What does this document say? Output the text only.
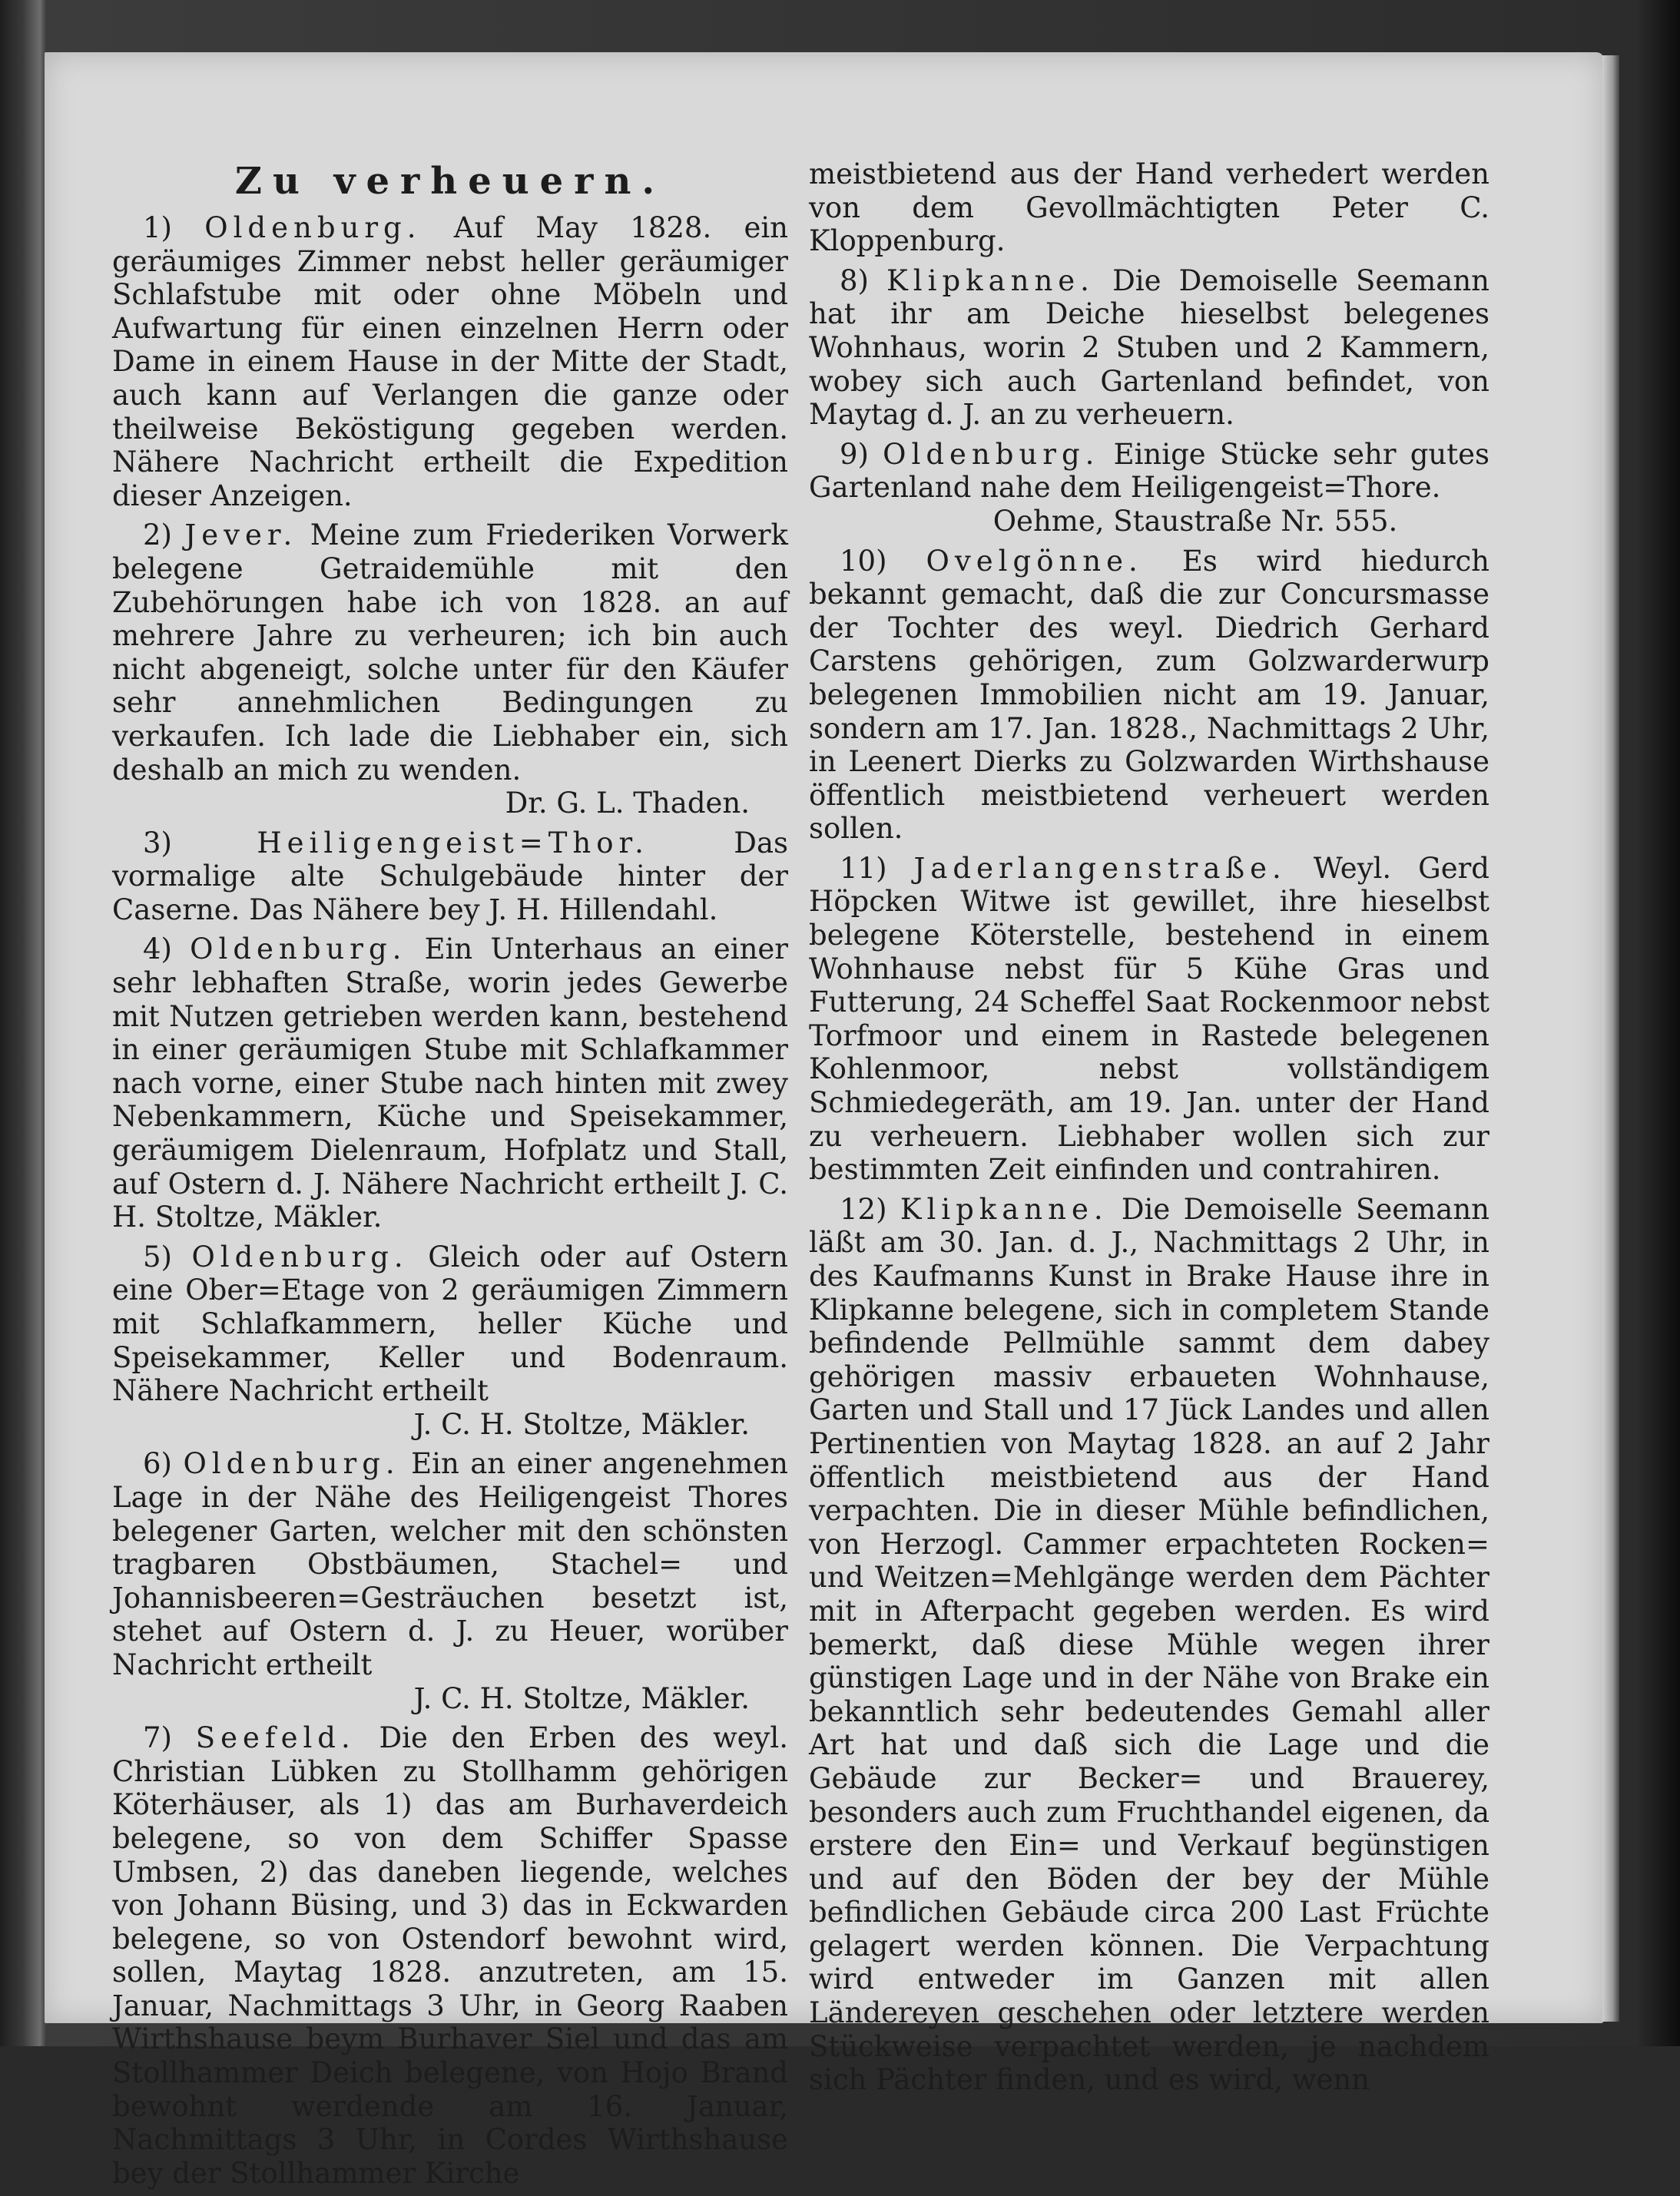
Zu verheuern.
1) Oldenburg. Auf May 1828. ein geräumiges Zimmer nebst heller geräumiger Schlafstube mit oder ohne Möbeln und Aufwartung für einen einzelnen Herrn oder Dame in einem Hause in der Mitte der Stadt, auch kann auf Verlangen die ganze oder theilweise Beköstigung gegeben werden. Nähere Nachricht ertheilt die Expedition dieser Anzeigen.
2) Jever. Meine zum Friederiken Vorwerk belegene Getraidemühle mit den Zubehörungen habe ich von 1828. an auf mehrere Jahre zu verheuren; ich bin auch nicht abgeneigt, solche unter für den Käufer sehr annehmlichen Bedingungen zu verkaufen. Ich lade die Liebhaber ein, sich deshalb an mich zu wenden.
Dr. G. L. Thaden.
3)	Heiligengeist=Thor.	Das vormalige alte Schulgebäude hinter der Caserne. Das Nähere bey J. H. Hillendahl.
4) Oldenburg. Ein Unterhaus an einer sehr lebhaften Straße, worin jedes Gewerbe mit Nutzen getrieben werden kann, bestehend in einer geräumigen Stube mit Schlafkammer nach vorne, einer Stube nach hinten mit zwey Nebenkammern, Küche und Speisekammer, geräumigem Dielenraum, Hofplatz und Stall, auf Ostern d. J. Nähere Nachricht ertheilt J. C. H. Stoltze, Mäkler.
5) Oldenburg. Gleich oder auf Ostern eine Ober=Etage von 2 geräumigen Zimmern mit Schlafkammern, heller Küche und Speisekammer, Keller und Bodenraum. Nähere Nachricht ertheilt
J. C. H. Stoltze, Mäkler.
6) Oldenburg. Ein an einer angenehmen Lage in der Nähe des Heiligengeist Thores belegener Garten, welcher mit den schönsten tragbaren Obstbäumen, Stachel= und Johannisbeeren=Gesträuchen besetzt ist, stehet auf Ostern d. J. zu Heuer, worüber Nachricht ertheilt
J. C. H. Stoltze, Mäkler.
7) Seefeld. Die den Erben des weyl. Christian Lübken zu Stollhamm gehörigen Köterhäuser, als 1) das am Burhaverdeich belegene, so von dem Schiffer Spasse Umbsen, 2) das daneben liegende, welches von Johann Büsing, und 3) das in Eckwarden belegene, so von Ostendorf bewohnt wird, sollen, Maytag 1828. anzutreten, am 15. Januar, Nachmittags 3 Uhr, in Georg Raaben Wirthshause beym Burhaver Siel und das am Stollhammer Deich belegene, von Hojo Brand bewohnt werdende am 16. Januar, Nachmittags 3 Uhr, in Cordes Wirthshause bey der Stollhammer Kirche
meistbietend aus der Hand verhedert werden von dem Gevollmächtigten Peter C. Kloppenburg.
8) Klipkanne. Die Demoiselle Seemann hat ihr am Deiche hieselbst belegenes Wohnhaus, worin 2 Stuben und 2 Kammern, wobey sich auch Gartenland befindet, von Maytag d. J. an zu verheuern.
9) Oldenburg. Einige Stücke sehr gutes Gartenland nahe dem Heiligengeist=Thore.
Oehme, Staustraße Nr. 555.
10) Ovelgönne. Es wird hiedurch bekannt gemacht, daß die zur Concursmasse der Tochter des weyl. Diedrich Gerhard Carstens gehörigen, zum Golzwarderwurp belegenen Immobilien nicht am 19. Januar, sondern am 17. Jan. 1828., Nachmittags 2 Uhr, in Leenert Dierks zu Golzwarden Wirthshause öffentlich meistbietend verheuert werden sollen.
11) Jaderlangenstraße. Weyl. Gerd Höpcken Witwe ist gewillet, ihre hieselbst belegene Köterstelle, bestehend in einem Wohnhause nebst für 5 Kühe Gras und Futterung, 24 Scheffel Saat Rockenmoor nebst Torfmoor und einem in Rastede belegenen Kohlenmoor, nebst vollständigem Schmiedegeräth, am 19. Jan. unter der Hand zu verheuern. Liebhaber wollen sich zur bestimmten Zeit einfinden und contrahiren.
12) Klipkanne. Die Demoiselle Seemann läßt am 30. Jan. d. J., Nachmittags 2 Uhr, in des Kaufmanns Kunst in Brake Hause ihre in Klipkanne belegene, sich in completem Stande befindende Pellmühle sammt dem dabey gehörigen massiv erbaueten Wohnhause, Garten und Stall und 17 Jück Landes und allen Pertinentien von Maytag 1828. an auf 2 Jahr öffentlich meistbietend aus der Hand verpachten. Die in dieser Mühle befindlichen, von Herzogl. Cammer erpachteten Rocken= und Weitzen=Mehlgänge werden dem Pächter mit in Afterpacht gegeben werden. Es wird bemerkt, daß diese Mühle wegen ihrer günstigen Lage und in der Nähe von Brake ein bekanntlich sehr bedeutendes Gemahl aller Art hat und daß sich die Lage und die Gebäude zur Becker= und Brauerey, besonders auch zum Fruchthandel eigenen, da erstere den Ein= und Verkauf begünstigen und auf den Böden der bey der Mühle befindlichen Gebäude circa 200 Last Früchte gelagert werden können. Die Verpachtung wird entweder im Ganzen mit allen Ländereyen geschehen oder letztere werden Stückweise verpachtet werden, je nachdem sich Pächter finden, und es wird, wenn
